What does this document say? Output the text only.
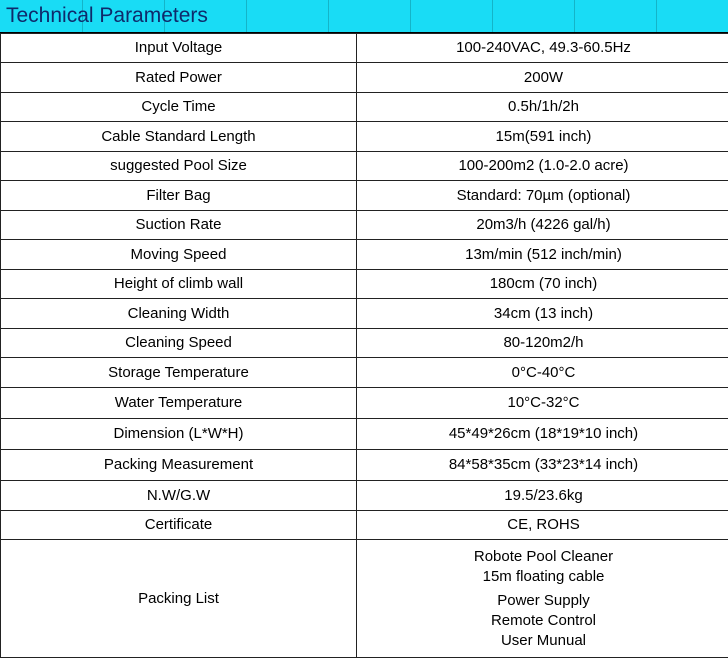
Technical Parameters
Input Voltage	100-240VAC, 49.3-60.5Hz
Rated Power	200W
Cycle Time	0.5h/1h/2h
Cable Standard Length	15m(591 inch)
suggested Pool Size	100-200m2 (1.0-2.0 acre)
Filter Bag	Standard: 70µm (optional)
Suction Rate	20m3/h (4226 gal/h)
Moving Speed	13m/min (512 inch/min)
Height of climb wall	180cm (70 inch)
Cleaning Width	34cm (13 inch)
Cleaning Speed	80-120m2/h
Storage Temperature	0°C-40°C
Water Temperature	10°C-32°C
Dimension (L*W*H)	45*49*26cm (18*19*10 inch)
Packing Measurement	84*58*35cm (33*23*14 inch)
N.W/G.W	19.5/23.6kg
Certificate	CE, ROHS
Packing List	Robote Pool Cleaner
15m floating cable
Power Supply
Remote Control
User Munual
